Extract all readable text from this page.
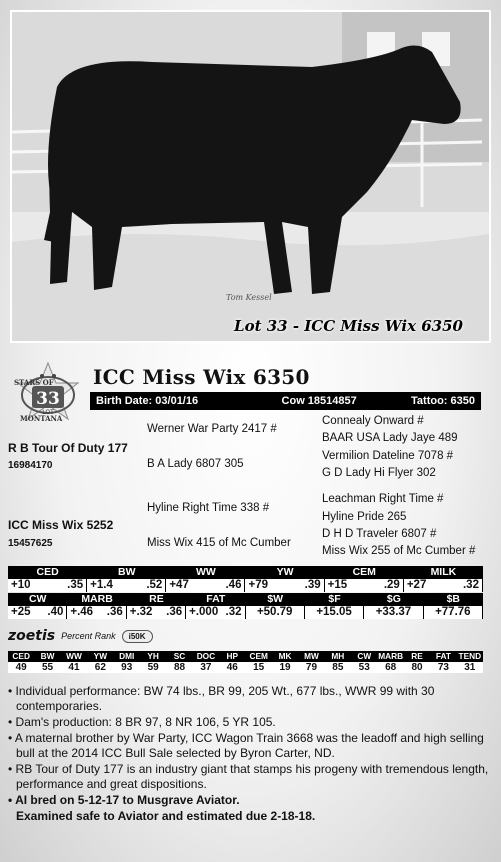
Tom Kessel
Lot 33 - ICC Miss Wix 6350
STARS OF
MONTANA
33
LOT
ICC Miss Wix 6350
Birth Date: 03/01/16	Cow 18514857	Tattoo: 6350
R B Tour Of Duty 177
16984170
ICC Miss Wix 5252
15457625
Werner War Party 2417 #
B A Lady 6807 305
Hyline Right Time 338 #
Miss Wix 415 of Mc Cumber
Connealy Onward #
BAAR USA Lady Jaye 489
Vermilion Dateline 7078 #
G D Lady Hi Flyer 302
Leachman Right Time #
Hyline Pride 265
D H D Traveler 6807 #
Miss Wix 255 of Mc Cumber #
CED	BW	WW	YW	CEM	MILK
+10	.35 +1.4	.52 +47	.46 +79	.39 +15	.29 +27	.32
CW	MARB	RE	FAT	$W	$F	$G	$B
+25 .40 +.46 .36 +.32 .36 +.000 .32 +50.79 +15.05 +33.37 +77.76
zoetis Percent Rank	i50K
CED	BW	WW	YW	DMI	YH	SC	DOC	HP	CEM	MK	MW	MH	CW MARB RE	FAT TEND
49	55	41	62	93	59	88	37	46	15	19	79	85	53	68	80	73	31
• Individual performance: BW 74 lbs., BR 99, 205 Wt., 677 lbs., WWR 99 with 30 contemporaries.
• Dam's production: 8 BR 97, 8 NR 106, 5 YR 105.
• A maternal brother by War Party, ICC Wagon Train 3668 was the leadoff and high selling bull at the 2014 ICC Bull Sale selected by Byron Carter, ND.
• RB Tour of Duty 177 is an industry giant that stamps his progeny with tremendous length, performance and great dispositions.
• AI bred on 5-12-17 to Musgrave Aviator.
Examined safe to Aviator and estimated due 2-18-18.
